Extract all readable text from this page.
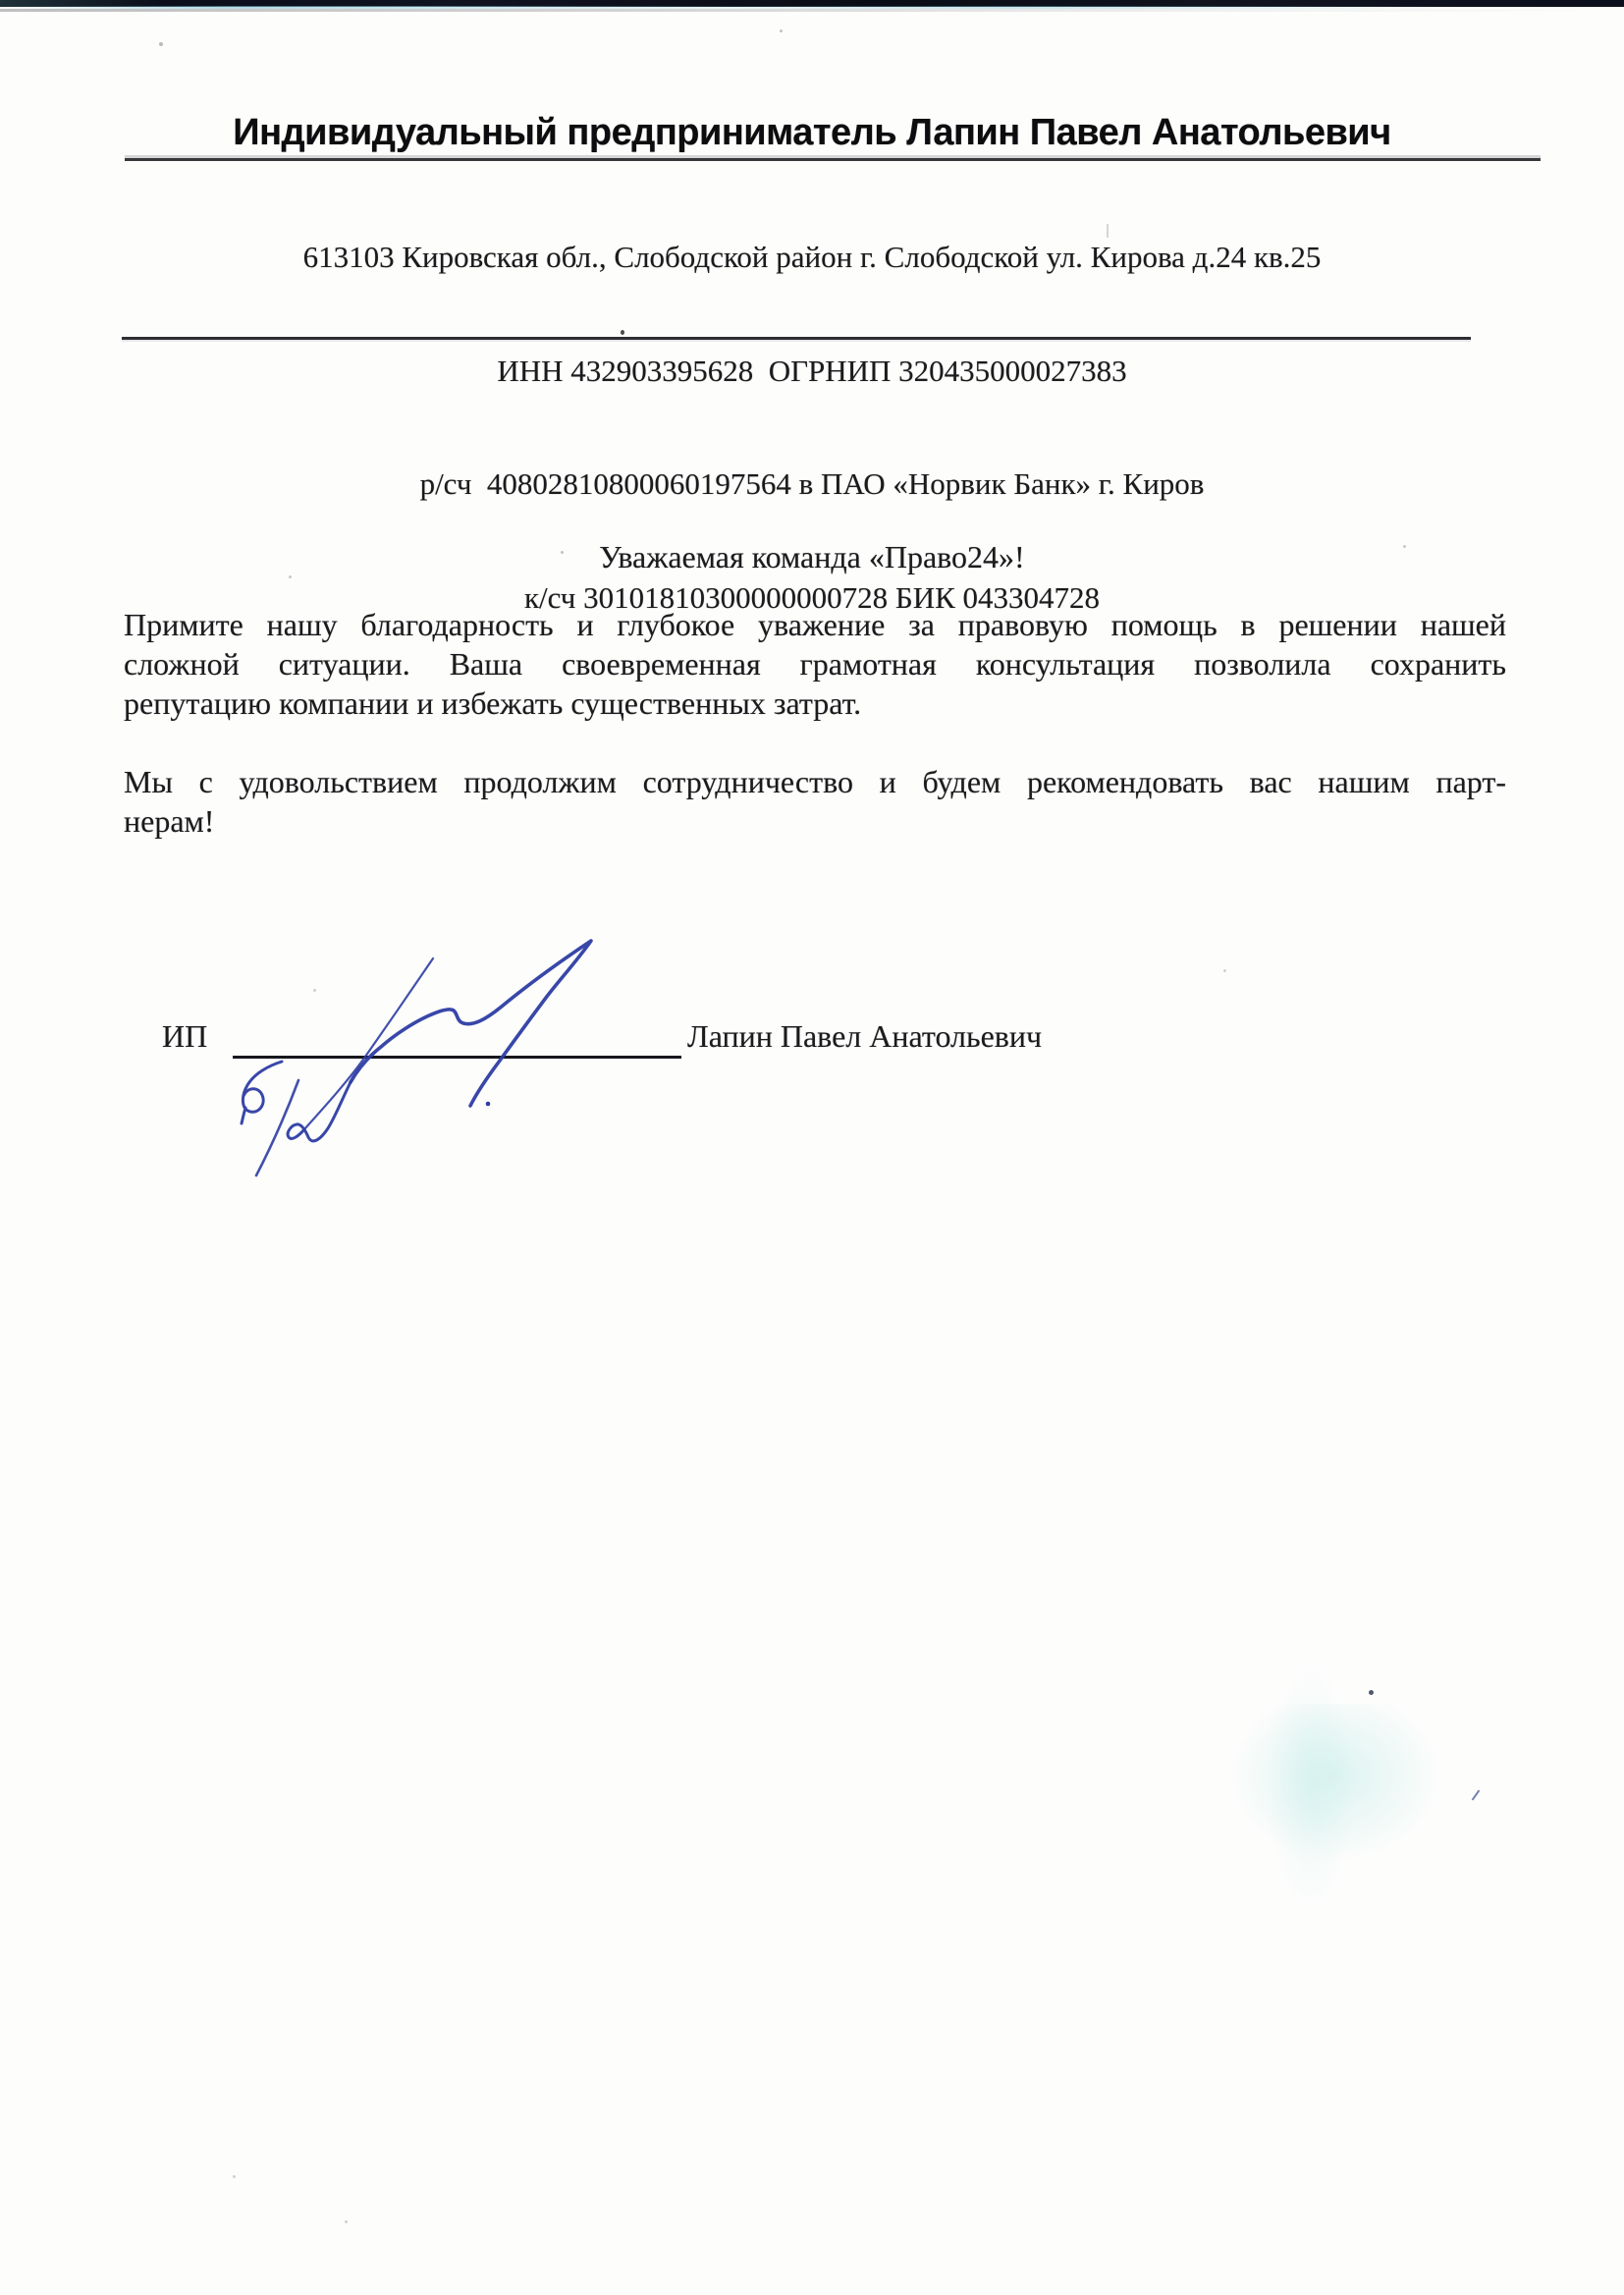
Индивидуальный предприниматель Лапин Павел Анатольевич

613103 Кировская обл., Слободской район г. Слободской ул. Кирова д.24 кв.25

ИНН 432903395628  ОГРНИП 320435000027383

р/сч  40802810800060197564 в ПАО «Норвик Банк» г. Киров

к/сч 30101810300000000728 БИК 043304728

Уважаемая команда «Право24»!

Примите нашу благодарность и глубокое уважение за правовую помощь в решении нашей
сложной ситуации. Ваша своевременная грамотная консультация позволила сохранить
репутацию компании и избежать существенных затрат.

Мы с удовольствием продолжим сотрудничество и будем рекомендовать вас нашим парт-
нерам!

ИП	Лапин Павел Анатольевич
